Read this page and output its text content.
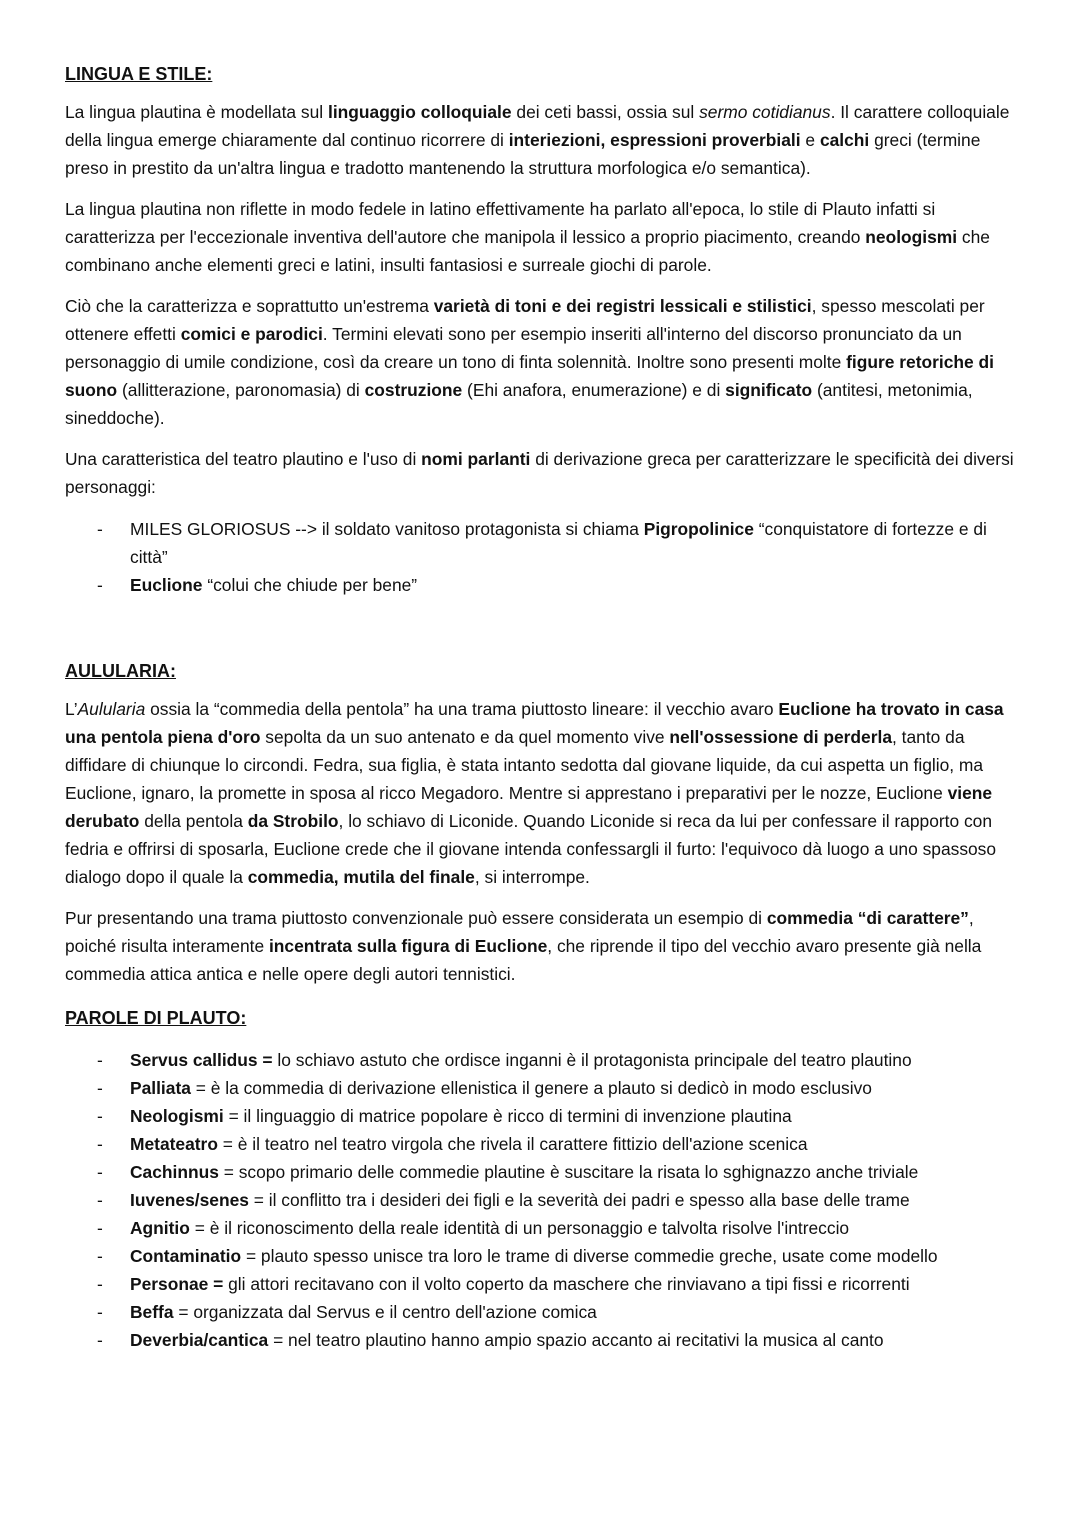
LINGUA E STILE:

La lingua plautina è modellata sul linguaggio colloquiale dei ceti bassi, ossia sul sermo cotidianus. Il carattere colloquiale della lingua emerge chiaramente dal continuo ricorrere di interiezioni, espressioni proverbiali e calchi greci (termine preso in prestito da un'altra lingua e tradotto mantenendo la struttura morfologica e/o semantica).

La lingua plautina non riflette in modo fedele in latino effettivamente ha parlato all'epoca, lo stile di Plauto infatti si caratterizza per l'eccezionale inventiva dell'autore che manipola il lessico a proprio piacimento, creando neologismi che combinano anche elementi greci e latini, insulti fantasiosi e surreale giochi di parole.

Ciò che la caratterizza e soprattutto un'estrema varietà di toni e dei registri lessicali e stilistici, spesso mescolati per ottenere effetti comici e parodici. Termini elevati sono per esempio inseriti all'interno del discorso pronunciato da un personaggio di umile condizione, così da creare un tono di finta solennità. Inoltre sono presenti molte figure retoriche di suono (allitterazione, paronomasia) di costruzione (Ehi anafora, enumerazione) e di significato (antitesi, metonimia, sineddoche).

Una caratteristica del teatro plautino e l'uso di nomi parlanti di derivazione greca per caratterizzare le specificità dei diversi personaggi:

- MILES GLORIOSUS --> il soldato vanitoso protagonista si chiama Pigropolinice “conquistatore di fortezze e di città”
- Euclione “colui che chiude per bene”
AULULARIA:

L’Aulularia ossia la “commedia della pentola” ha una trama piuttosto lineare: il vecchio avaro Euclione ha trovato in casa una pentola piena d'oro sepolta da un suo antenato e da quel momento vive nell'ossessione di perderla, tanto da diffidare di chiunque lo circondi. Fedra, sua figlia, è stata intanto sedotta dal giovane liquide, da cui aspetta un figlio, ma Euclione, ignaro, la promette in sposa al ricco Megadoro. Mentre si apprestano i preparativi per le nozze, Euclione viene derubato della pentola da Strobilo, lo schiavo di Liconide. Quando Liconide si reca da lui per confessare il rapporto con fedria e offrirsi di sposarla, Euclione crede che il giovane intenda confessargli il furto: l'equivoco dà luogo a uno spassoso dialogo dopo il quale la commedia, mutila del finale, si interrompe.

Pur presentando una trama piuttosto convenzionale può essere considerata un esempio di commedia “di carattere”, poiché risulta interamente incentrata sulla figura di Euclione, che riprende il tipo del vecchio avaro presente già nella commedia attica antica e nelle opere degli autori tennistici.

PAROLE DI PLAUTO:
- Servus callidus = lo schiavo astuto che ordisce inganni è il protagonista principale del teatro plautino
- Palliata = è la commedia di derivazione ellenistica il genere a plauto si dedicò in modo esclusivo
- Neologismi = il linguaggio di matrice popolare è ricco di termini di invenzione plautina
- Metateatro = è il teatro nel teatro virgola che rivela il carattere fittizio dell'azione scenica
- Cachinnus = scopo primario delle commedie plautine è suscitare la risata lo sghignazzo anche triviale
- Iuvenes/senes = il conflitto tra i desideri dei figli e la severità dei padri e spesso alla base delle trame
- Agnitio = è il riconoscimento della reale identità di un personaggio e talvolta risolve l'intreccio
- Contaminatio = plauto spesso unisce tra loro le trame di diverse commedie greche, usate come modello
- Personae = gli attori recitavano con il volto coperto da maschere che rinviavano a tipi fissi e ricorrenti
- Beffa = organizzata dal Servus e il centro dell'azione comica
- Deverbia/cantica = nel teatro plautino hanno ampio spazio accanto ai recitativi la musica al canto
